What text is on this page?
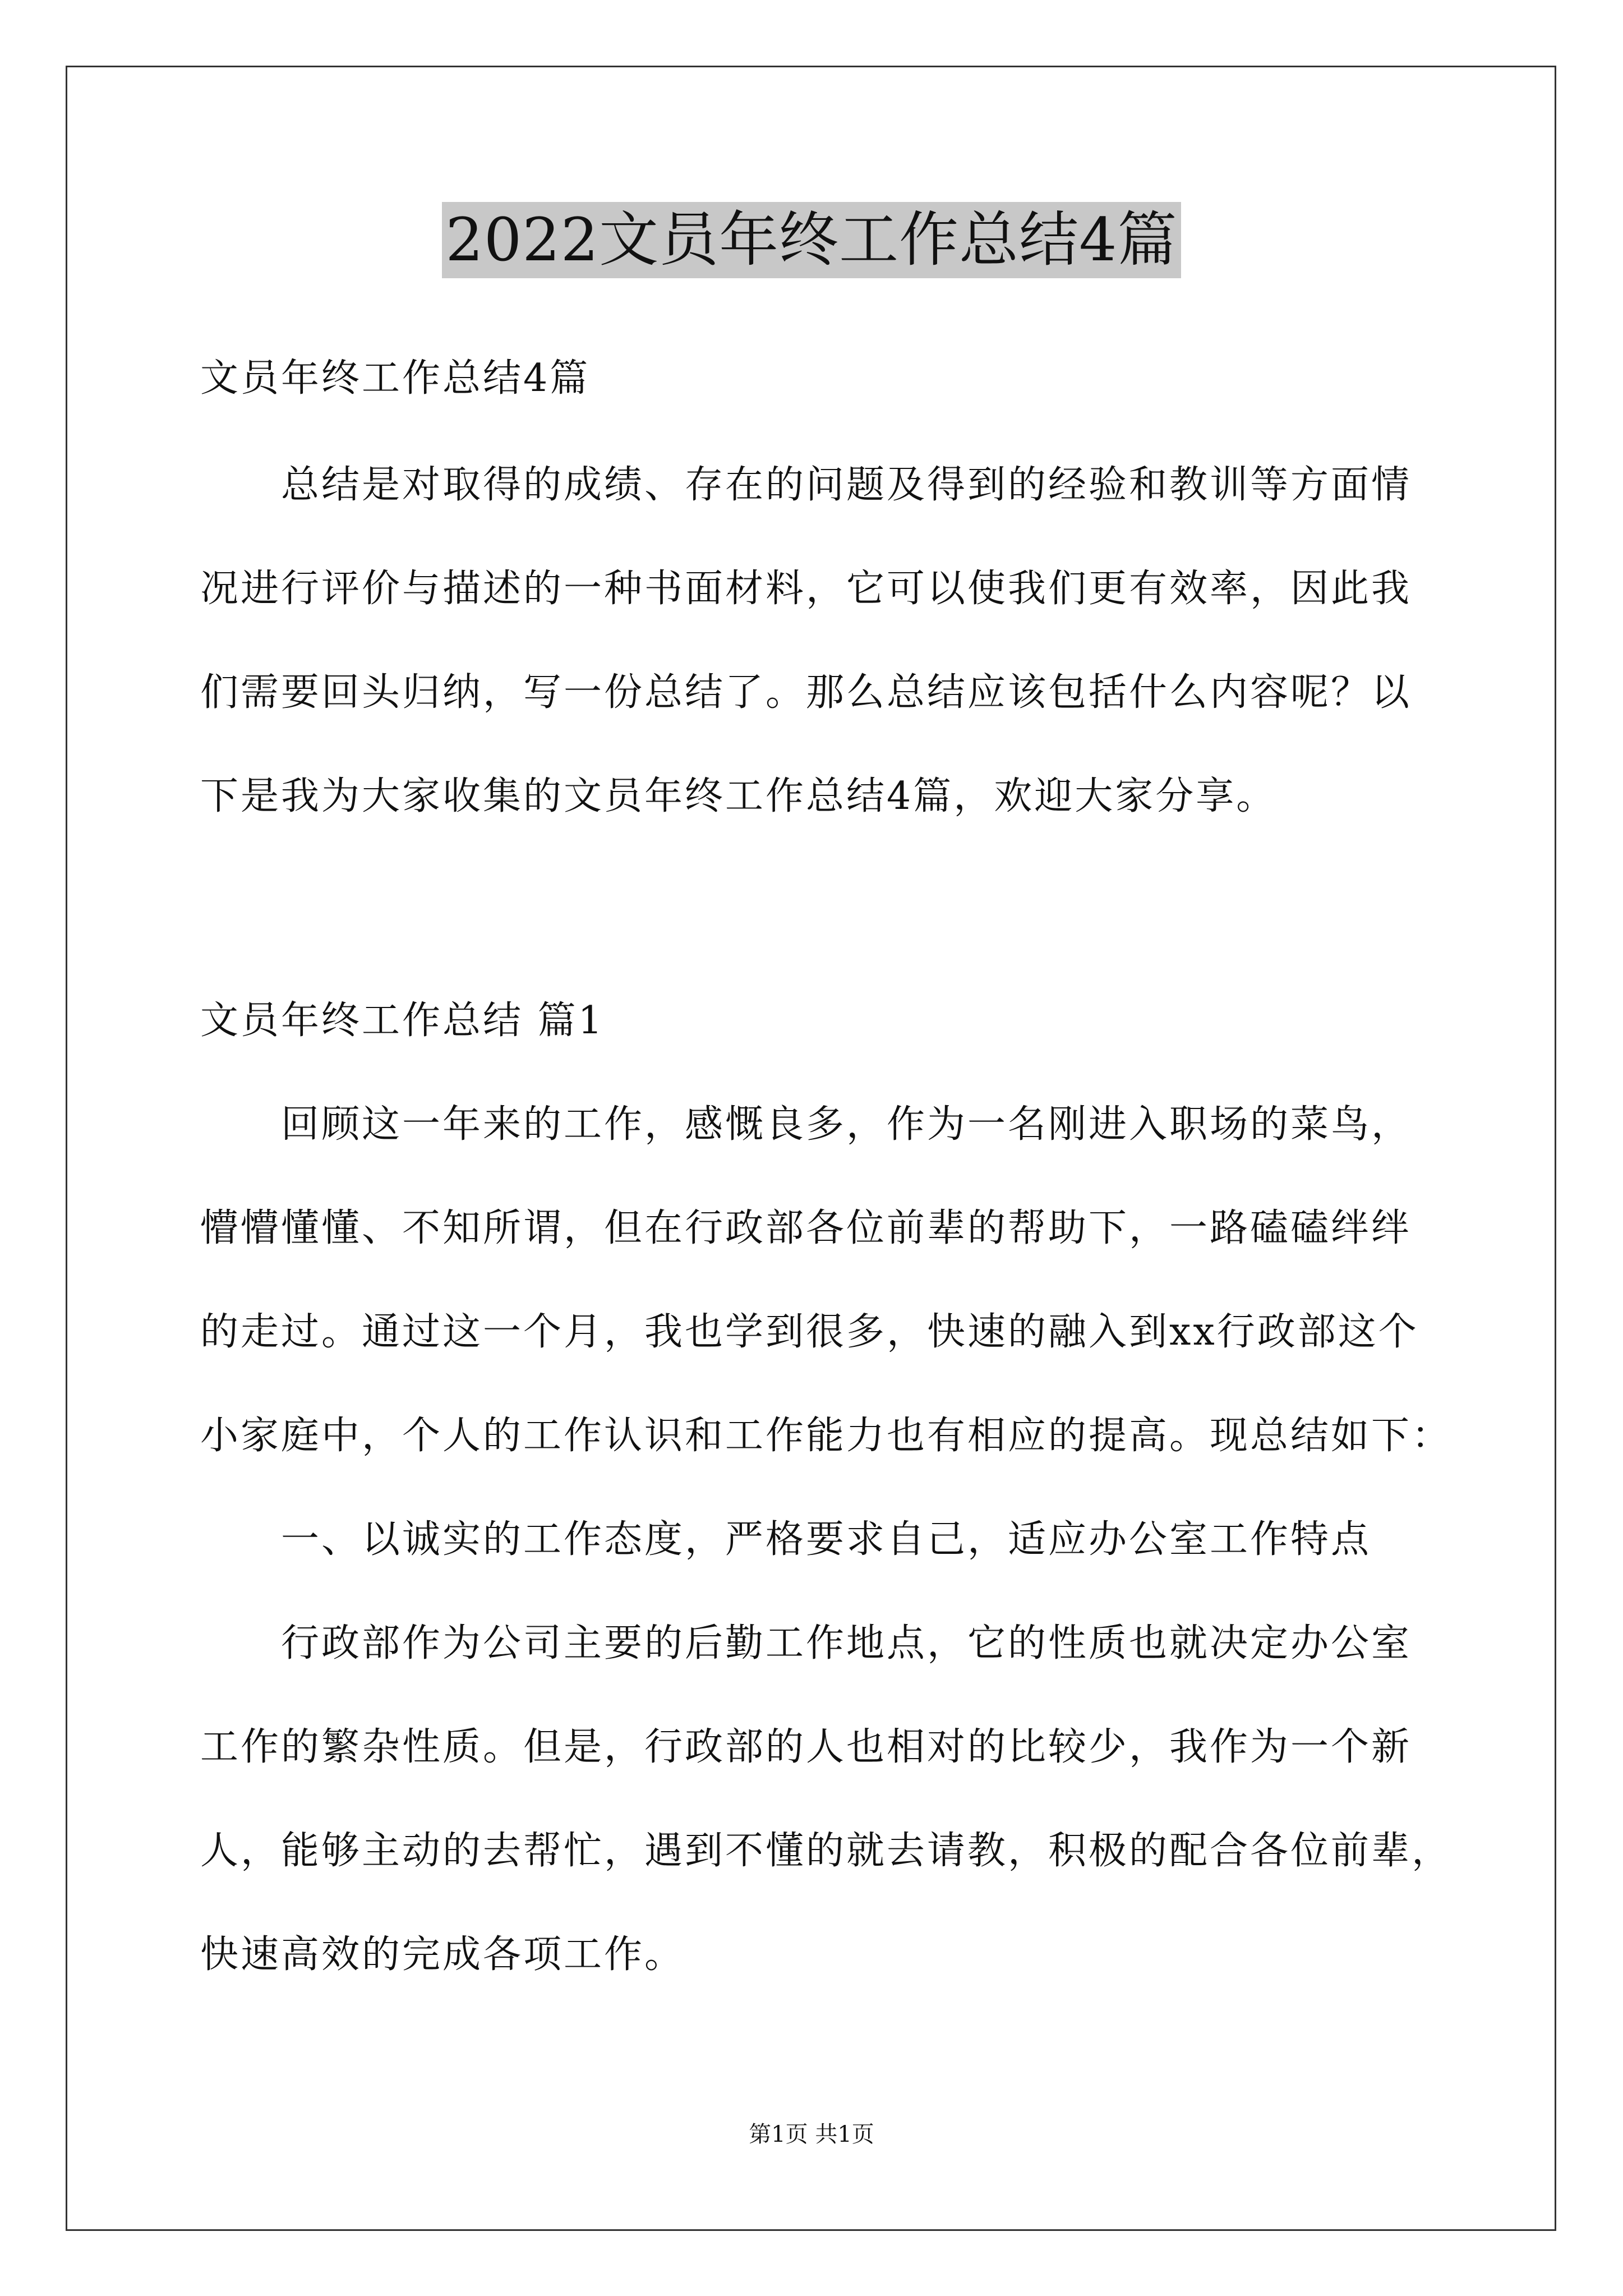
2022文员年终工作总结4篇
文员年终工作总结4篇
总结是对取得的成绩、存在的问题及得到的经验和教训等方面情
况进行评价与描述的一种书面材料，它可以使我们更有效率，因此我
们需要回头归纳，写一份总结了。那么总结应该包括什么内容呢？以
下是我为大家收集的文员年终工作总结4篇，欢迎大家分享。
文员年终工作总结 篇1
回顾这一年来的工作，感慨良多，作为一名刚进入职场的菜鸟，
懵懵懂懂、不知所谓，但在行政部各位前辈的帮助下，一路磕磕绊绊
的走过。通过这一个月，我也学到很多，快速的融入到xx行政部这个
小家庭中，个人的工作认识和工作能力也有相应的提高。现总结如下：
一、以诚实的工作态度，严格要求自己，适应办公室工作特点
行政部作为公司主要的后勤工作地点，它的性质也就决定办公室
工作的繁杂性质。但是，行政部的人也相对的比较少，我作为一个新
人，能够主动的去帮忙，遇到不懂的就去请教，积极的配合各位前辈，
快速高效的完成各项工作。
第1页 共1页
